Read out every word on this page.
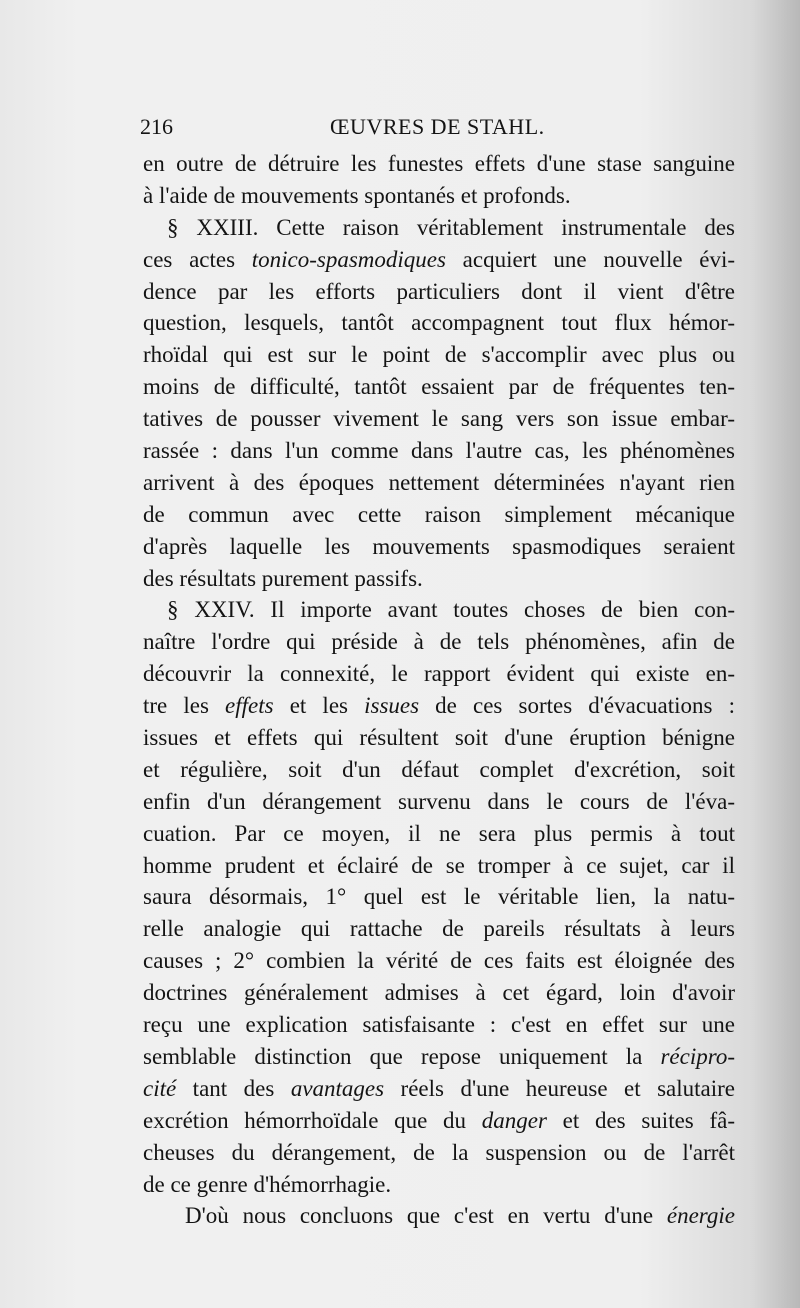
216	ŒUVRES DE STAHL.
en outre de détruire les funestes effets d'une stase sanguine
à l'aide de mouvements spontanés et profonds.
§ XXIII. Cette raison véritablement instrumentale des
ces actes tonico-spasmodiques acquiert une nouvelle évi-
dence par les efforts particuliers dont il vient d'être
question, lesquels, tantôt accompagnent tout flux hémor-
rhoïdal qui est sur le point de s'accomplir avec plus ou
moins de difficulté, tantôt essaient par de fréquentes ten-
tatives de pousser vivement le sang vers son issue embar-
rassée : dans l'un comme dans l'autre cas, les phénomènes
arrivent à des époques nettement déterminées n'ayant rien
de commun avec cette raison simplement mécanique
d'après laquelle les mouvements spasmodiques seraient
des résultats purement passifs.
§ XXIV. Il importe avant toutes choses de bien con-
naître l'ordre qui préside à de tels phénomènes, afin de
découvrir la connexité, le rapport évident qui existe en-
tre les effets et les issues de ces sortes d'évacuations :
issues et effets qui résultent soit d'une éruption bénigne
et régulière, soit d'un défaut complet d'excrétion, soit
enfin d'un dérangement survenu dans le cours de l'éva-
cuation. Par ce moyen, il ne sera plus permis à tout
homme prudent et éclairé de se tromper à ce sujet, car il
saura désormais, 1° quel est le véritable lien, la natu-
relle analogie qui rattache de pareils résultats à leurs
causes ; 2° combien la vérité de ces faits est éloignée des
doctrines généralement admises à cet égard, loin d'avoir
reçu une explication satisfaisante : c'est en effet sur une
semblable distinction que repose uniquement la récipro-
cité tant des avantages réels d'une heureuse et salutaire
excrétion hémorrhoïdale que du danger et des suites fâ-
cheuses du dérangement, de la suspension ou de l'arrêt
de ce genre d'hémorrhagie.
D'où nous concluons que c'est en vertu d'une énergie
